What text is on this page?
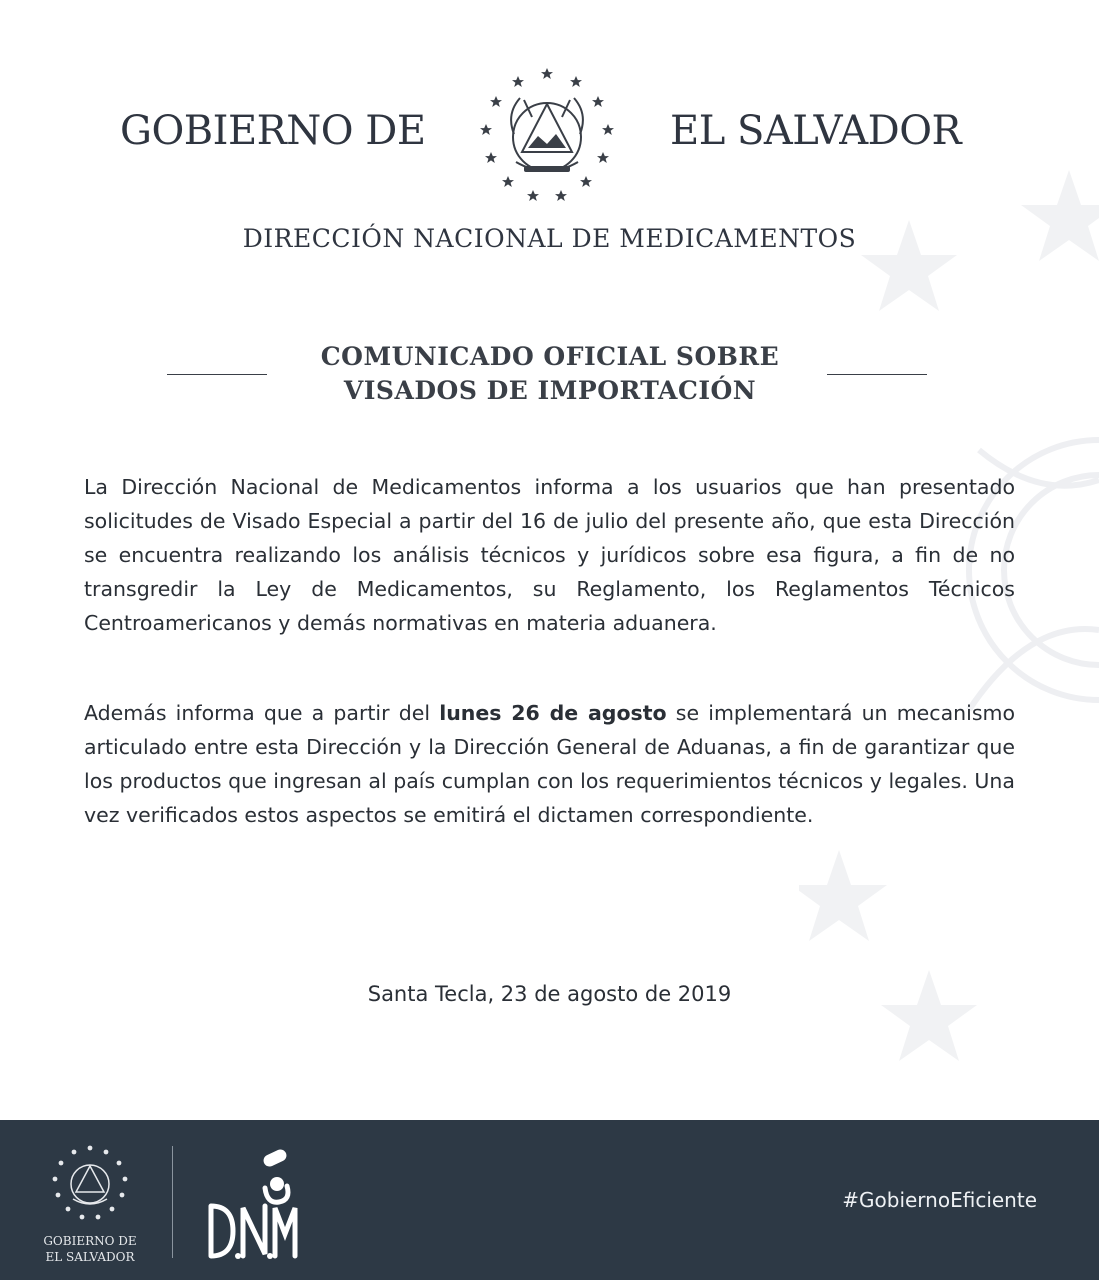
GOBIERNO DE	EL SALVADOR
DIRECCIÓN NACIONAL DE MEDICAMENTOS
COMUNICADO OFICIAL SOBRE
VISADOS DE IMPORTACIÓN

La Dirección Nacional de Medicamentos informa a los usuarios que han presentado solicitudes de Visado Especial a partir del 16 de julio del presente año, que esta Dirección se encuentra realizando los análisis técnicos y jurídicos sobre esa figura, a fin de no transgredir la Ley de Medicamentos, su Reglamento, los Reglamentos Técnicos Centroamericanos y demás normativas en materia aduanera.

Además informa que a partir del lunes 26 de agosto se implementará un mecanismo articulado entre esta Dirección y la Dirección General de Aduanas, a fin de garantizar que los productos que ingresan al país cumplan con los requerimientos técnicos y legales. Una vez verificados estos aspectos se emitirá el dictamen correspondiente.

Santa Tecla, 23 de agosto de 2019
GOBIERNO DE
EL SALVADOR
#GobiernoEficiente
